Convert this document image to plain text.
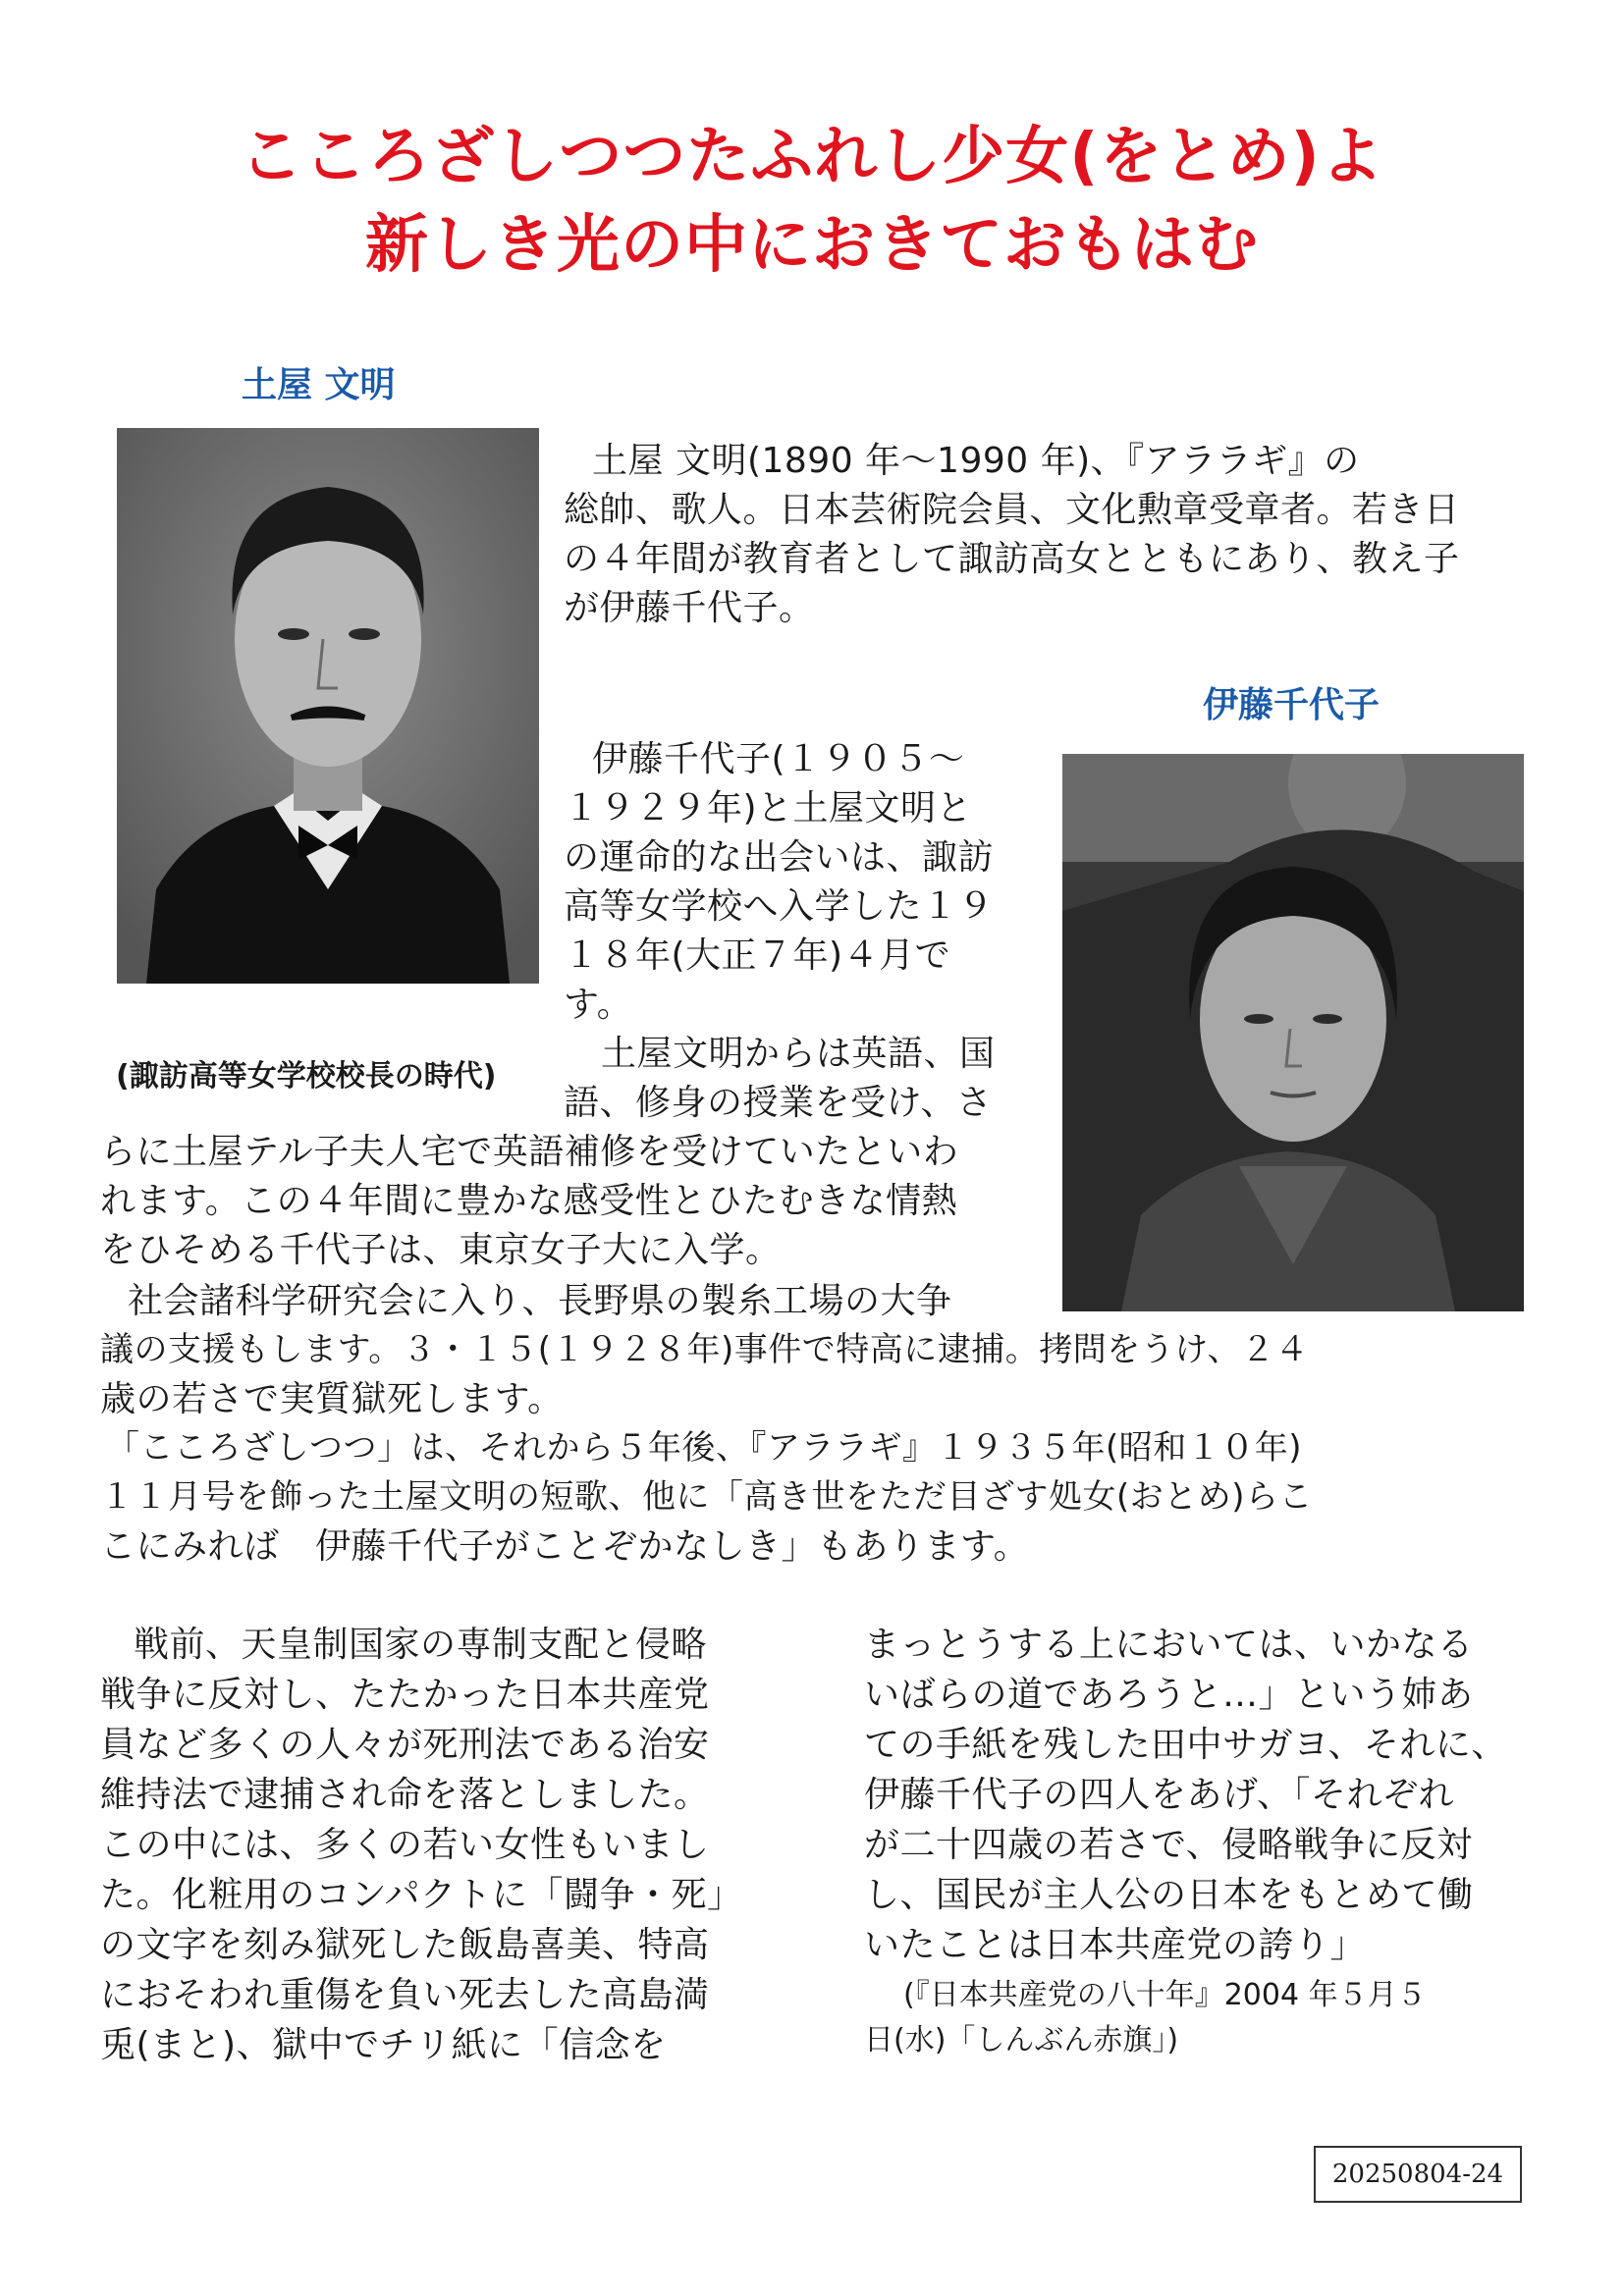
こころざしつつたふれし少女(をとめ)よ
新しき光の中におきておもはむ
土屋 文明
(諏訪高等女学校校長の時代)
伊藤千代子
土屋 文明(1890 年～1990 年)、『アララギ』の
総帥、歌人。日本芸術院会員、文化勲章受章者。若き日
の４年間が教育者として諏訪高女とともにあり、教え子
が伊藤千代子。
伊藤千代子(１９０５～
１９２９年)と土屋文明と
の運命的な出会いは、諏訪
高等女学校へ入学した１９
１８年(大正７年)４月で
す。
土屋文明からは英語、国
語、修身の授業を受け、さ
らに土屋テル子夫人宅で英語補修を受けていたといわ
れます。この４年間に豊かな感受性とひたむきな情熱
をひそめる千代子は、東京女子大に入学。
社会諸科学研究会に入り、長野県の製糸工場の大争
議の支援もします。３・１５(１９２８年)事件で特高に逮捕。拷問をうけ、２４
歳の若さで実質獄死します。
「こころざしつつ」は、それから５年後、『アララギ』１９３５年(昭和１０年)
１１月号を飾った土屋文明の短歌、他に「高き世をただ目ざす処女(おとめ)らこ
こにみれば　伊藤千代子がことぞかなしき」もあります。
戦前、天皇制国家の専制支配と侵略
戦争に反対し、たたかった日本共産党
員など多くの人々が死刑法である治安
維持法で逮捕され命を落としました。
この中には、多くの若い女性もいまし
た。化粧用のコンパクトに「闘争・死」
の文字を刻み獄死した飯島喜美、特高
におそわれ重傷を負い死去した高島満
兎(まと)、獄中でチリ紙に「信念を
まっとうする上においては、いかなる
いばらの道であろうと…」という姉あ
ての手紙を残した田中サガヨ、それに、
伊藤千代子の四人をあげ、「それぞれ
が二十四歳の若さで、侵略戦争に反対
し、国民が主人公の日本をもとめて働
いたことは日本共産党の誇り」
(『日本共産党の八十年』2004 年５月５
日(水)「しんぶん赤旗」)
20250804-24
